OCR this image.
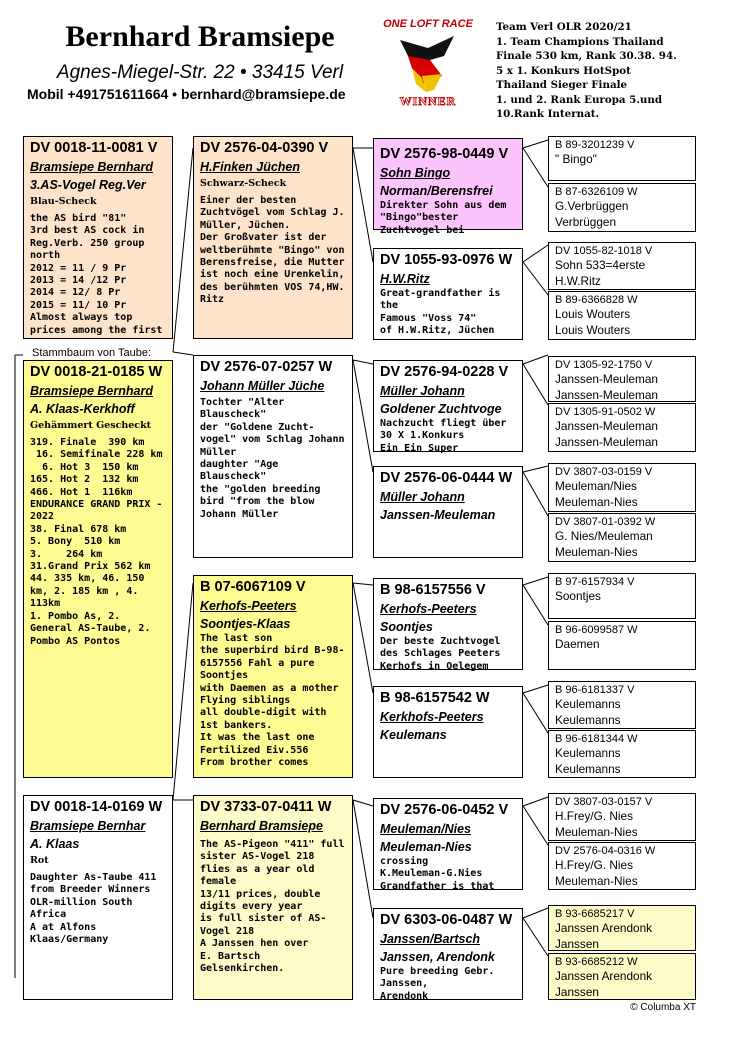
Bernhard Bramsiepe
Agnes-Miegel-Str. 22 • 33415 Verl
Mobil +491751611664 • bernhard@bramsiepe.de
ONE LOFT RACE
WINNER
Team Verl OLR 2020/21
1. Team Champions Thailand
Finale 530 km, Rank 30.38. 94.
5 x 1. Konkurs HotSpot
Thailand Sieger Finale
1. und 2. Rank Europa 5.und
10.Rank Internat.
DV 0018-11-0081 V
Bramsiepe Bernhard
3.AS-Vogel Reg.Ver
Blau-Scheck
the AS bird "81"
3rd best AS cock in Reg.Verb. 250 group north
2012 = 11 / 9 Pr
2013 = 14 /12 Pr
2014 = 12/ 8 Pr
2015 = 11/ 10 Pr
Almost always top prices among the first
Stammbaum von Taube:
DV 0018-21-0185 W
Bramsiepe Bernhard
A. Klaas-Kerkhoff
Gehämmert Gescheckt
319. Finale  390 km
16. Semifinale 228 km
6. Hot 3  150 km
165. Hot 2  132 km
466. Hot 1  116km
ENDURANCE GRAND PRIX - 2022
38. Final 678 km
5. Bony  510 km
3.    264 km
31.Grand Prix 562 km
44. 335 km, 46. 150 km, 2. 185 km , 4. 113km
1. Pombo As, 2. General AS-Taube, 2. Pombo AS Pontos
DV 0018-14-0169 W
Bramsiepe Bernhar
A. Klaas
Rot
Daughter As-Taube 411 from Breeder Winners OLR-million South Africa
A at Alfons Klaas/Germany
DV 2576-04-0390 V
H.Finken Jüchen
Schwarz-Scheck
Einer der besten Zuchtvögel vom Schlag J. Müller, Jüchen.
Der Großvater ist der weltberühmte "Bingo" von Berensfreise, die Mutter ist noch eine Urenkelin, des berühmten VOS 74,HW. Ritz
DV 2576-07-0257 W
Johann Müller Jüche
Tochter "Alter Blauscheck"
der "Goldene Zucht-vogel" vom Schlag Johann Müller
daughter "Age Blauscheck"
the "golden breeding bird "from the blow Johann Müller
B 07-6067109 V
Kerhofs-Peeters
Soontjes-Klaas
The last son
the superbird bird B-98-6157556 Fahl a pure Soontjes
with Daemen as a mother
Flying siblings
all double-digit with 1st bankers.
It was the last one Fertilized Eiv.556
From brother comes
DV 3733-07-0411 W
Bernhard Bramsiepe
The AS-Pigeon "411" full sister AS-Vogel 218 flies as a year old female
13/11 prices, double digits every year
is full sister of AS-Vogel 218
A Janssen hen over
E. Bartsch Gelsenkirchen.
DV 2576-98-0449 V
Sohn Bingo
Norman/Berensfrei
Direkter Sohn aus dem "Bingo"bester Zuchtvogel bei
DV 1055-93-0976 W
H.W.Ritz
Great-grandfather is the
Famous "Voss 74"
of H.W.Ritz, Jüchen
DV 2576-94-0228 V
Müller Johann
Goldener Zuchtvoge
Nachzucht fliegt über 30 X 1.Konkurs
Ein Ein Super
DV 2576-06-0444 W
Müller Johann
Janssen-Meuleman
B 98-6157556 V
Kerhofs-Peeters
Soontjes
Der beste Zuchtvogel des Schlages Peeters Kerhofs in Oelegem
B 98-6157542 W
Kerkhofs-Peeters
Keulemans
DV 2576-06-0452 V
Meuleman/Nies
Meuleman-Nies
crossing
K.Meuleman-G.Nies
Grandfather is that
DV 6303-06-0487 W
Janssen/Bartsch
Janssen, Arendonk
Pure breeding Gebr. Janssen,
Arendonk
B 89-3201239 V
" Bingo"
B 87-6326109 W
G.Verbrüggen
Verbrüggen
DV 1055-82-1018 V
Sohn 533=4erste
H.W.Ritz
B 89-6366828 W
Louis Wouters
Louis Wouters
DV 1305-92-1750 V
Janssen-Meuleman
Janssen-Meuleman
DV 1305-91-0502 W
Janssen-Meuleman
Janssen-Meuleman
DV 3807-03-0159 V
Meuleman/Nies
Meuleman-Nies
DV 3807-01-0392 W
G. Nies/Meuleman
Meuleman-Nies
B 97-6157934 V
Soontjes
B 96-6099587 W
Daemen
B 96-6181337 V
Keulemanns
Keulemanns
B 96-6181344 W
Keulemanns
Keulemanns
DV 3807-03-0157 V
H.Frey/G. Nies
Meuleman-Nies
DV 2576-04-0316 W
H.Frey/G. Nies
Meuleman-Nies
B 93-6685217 V
Janssen Arendonk
Janssen
B 93-6685212 W
Janssen Arendonk
Janssen
© Columba XT
